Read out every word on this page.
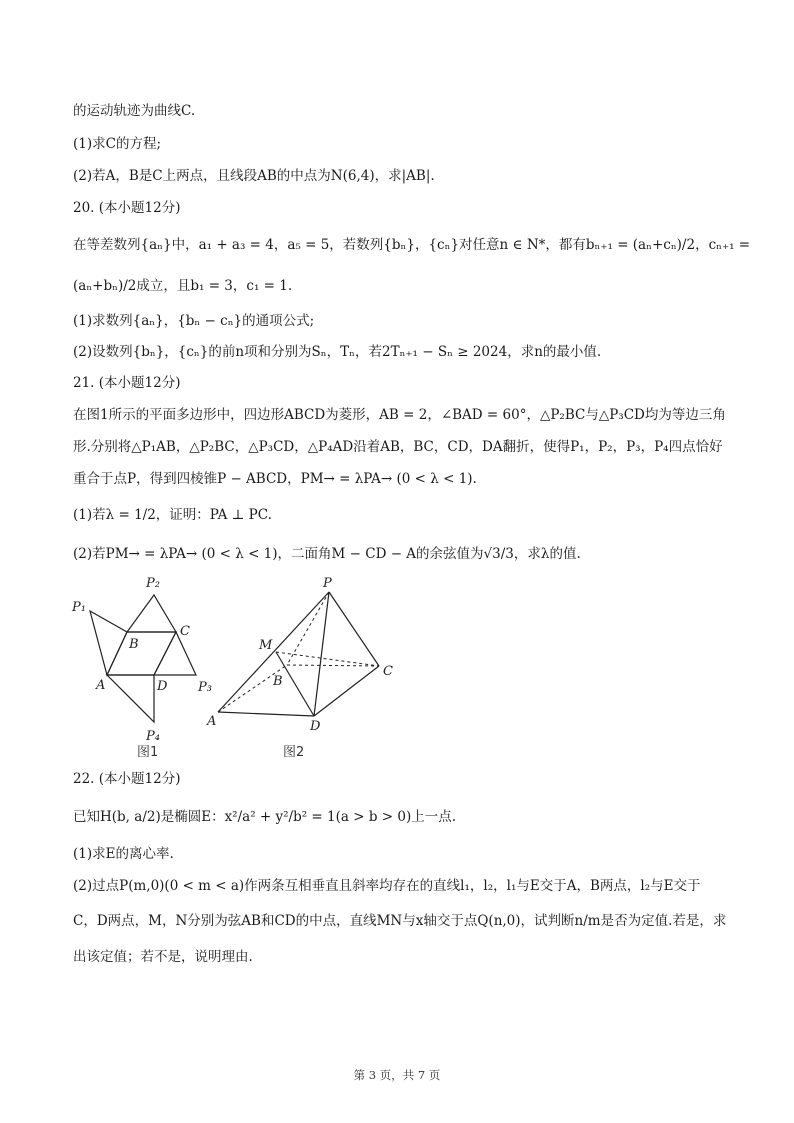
的运动轨迹为曲线C.
(1)求C的方程;
(2)若A，B是C上两点，且线段AB的中点为N(6,4)，求|AB|.
20. (本小题12分)
在等差数列{aₙ}中，a₁ + a₃ = 4，a₅ = 5，若数列{bₙ}，{cₙ}对任意n ∈ N*，都有bₙ₊₁ = (aₙ+cₙ)/2，cₙ₊₁ =
(aₙ+bₙ)/2成立，且b₁ = 3，c₁ = 1.
(1)求数列{aₙ}，{bₙ − cₙ}的通项公式;
(2)设数列{bₙ}，{cₙ}的前n项和分别为Sₙ，Tₙ，若2Tₙ₊₁ − Sₙ ≥ 2024，求n的最小值.
21. (本小题12分)
在图1所示的平面多边形中，四边形ABCD为菱形，AB = 2，∠BAD = 60°，△P₂BC与△P₃CD均为等边三角
形.分别将△P₁AB，△P₂BC，△P₃CD，△P₄AD沿着AB，BC，CD，DA翻折，使得P₁，P₂，P₃，P₄四点恰好
重合于点P，得到四棱锥P − ABCD，PM→ = λPA→ (0 < λ < 1).
(1)若λ = 1/2，证明：PA ⊥ PC.
(2)若PM→ = λPA→ (0 < λ < 1)，二面角M − CD − A的余弦值为√3/3，求λ的值.
P₁
P₂
P₃
P₄
A
B
C
D
图1
P
M
A
B
C
D
图2
22. (本小题12分)
已知H(b, a/2)是椭圆E：x²/a² + y²/b² = 1(a > b > 0)上一点.
(1)求E的离心率.
(2)过点P(m,0)(0 < m < a)作两条互相垂直且斜率均存在的直线l₁，l₂，l₁与E交于A，B两点，l₂与E交于
C，D两点，M，N分别为弦AB和CD的中点，直线MN与x轴交于点Q(n,0)，试判断n/m是否为定值.若是，求
出该定值；若不是，说明理由.
第 3 页，共 7 页
